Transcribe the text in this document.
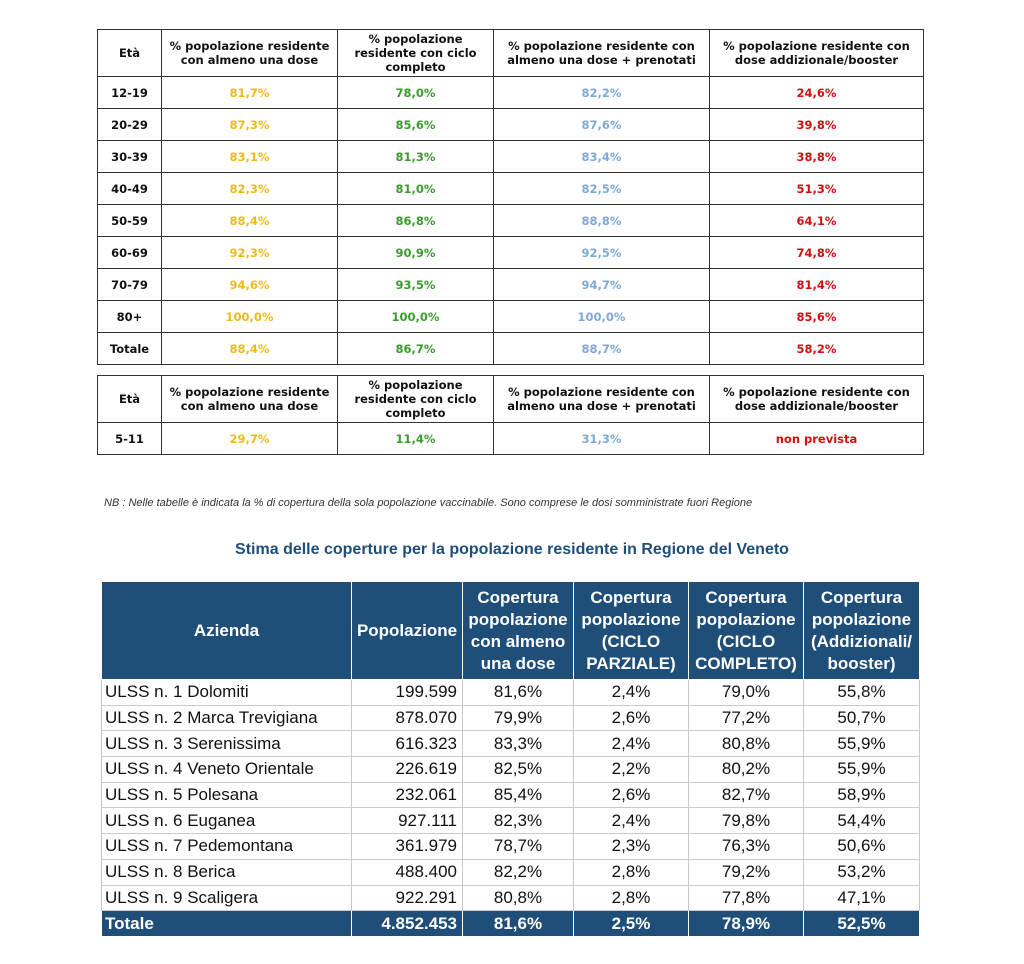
Età	% popolazione residente con almeno una dose	% popolazione residente con ciclo completo	% popolazione residente con almeno una dose + prenotati	% popolazione residente con dose addizionale/booster
12-19	81,7%	78,0%	82,2%	24,6%
20-29	87,3%	85,6%	87,6%	39,8%
30-39	83,1%	81,3%	83,4%	38,8%
40-49	82,3%	81,0%	82,5%	51,3%
50-59	88,4%	86,8%	88,8%	64,1%
60-69	92,3%	90,9%	92,5%	74,8%
70-79	94,6%	93,5%	94,7%	81,4%
80+	100,0%	100,0%	100,0%	85,6%
Totale	88,4%	86,7%	88,7%	58,2%
Età	% popolazione residente con almeno una dose	% popolazione residente con ciclo completo	% popolazione residente con almeno una dose + prenotati	% popolazione residente con dose addizionale/booster
5-11	29,7%	11,4%	31,3%	non prevista
NB : Nelle tabelle è indicata la % di copertura della sola popolazione vaccinabile. Sono comprese le dosi somministrate fuori Regione
Stima delle coperture per la popolazione residente in Regione del Veneto
Azienda	Popolazione	Copertura popolazione con almeno una dose	Copertura popolazione (CICLO PARZIALE)	Copertura popolazione (CICLO COMPLETO)	Copertura popolazione (Addizionali/ booster)
ULSS n. 1 Dolomiti	199.599	81,6%	2,4%	79,0%	55,8%
ULSS n. 2 Marca Trevigiana	878.070	79,9%	2,6%	77,2%	50,7%
ULSS n. 3 Serenissima	616.323	83,3%	2,4%	80,8%	55,9%
ULSS n. 4 Veneto Orientale	226.619	82,5%	2,2%	80,2%	55,9%
ULSS n. 5 Polesana	232.061	85,4%	2,6%	82,7%	58,9%
ULSS n. 6 Euganea	927.111	82,3%	2,4%	79,8%	54,4%
ULSS n. 7 Pedemontana	361.979	78,7%	2,3%	76,3%	50,6%
ULSS n. 8 Berica	488.400	82,2%	2,8%	79,2%	53,2%
ULSS n. 9 Scaligera	922.291	80,8%	2,8%	77,8%	47,1%
Totale	4.852.453	81,6%	2,5%	78,9%	52,5%
